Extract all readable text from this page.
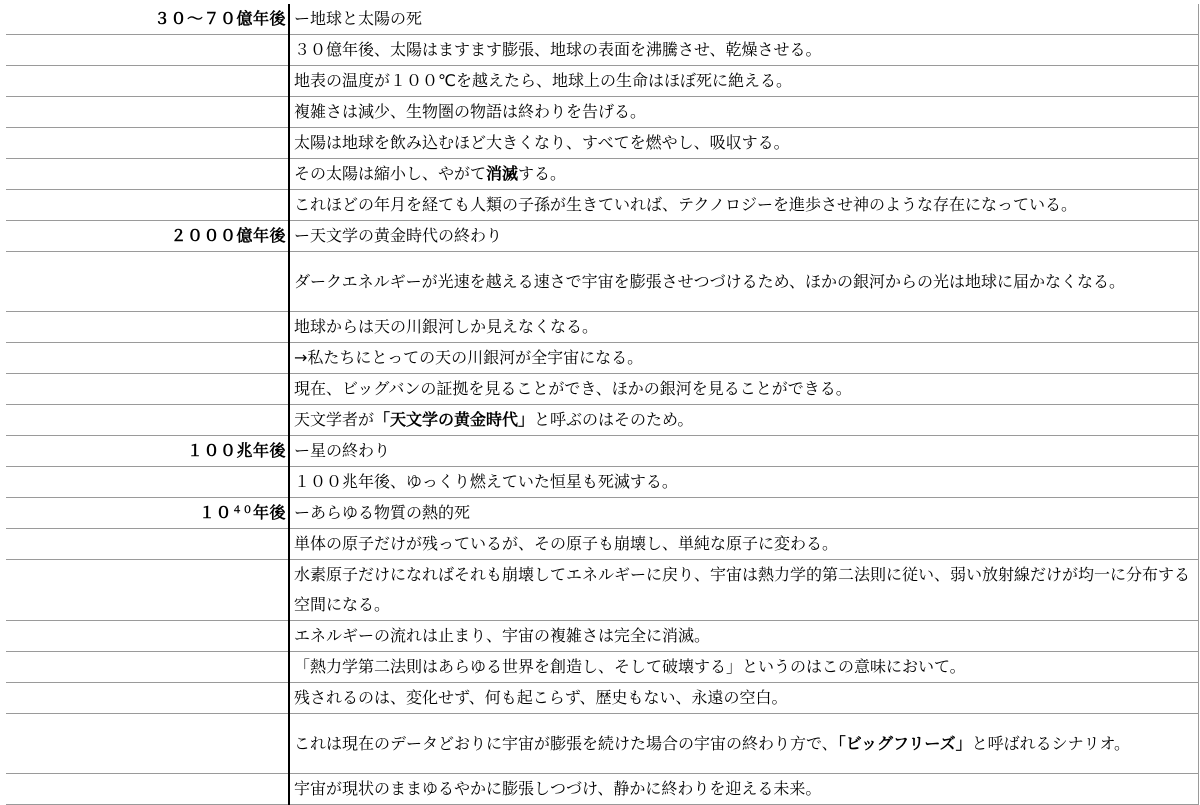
３０～７０億年後	ー地球と太陽の死
	３０億年後、太陽はますます膨張、地球の表面を沸騰させ、乾燥させる。
	地表の温度が１００℃を越えたら、地球上の生命はほぼ死に絶える。
	複雑さは減少、生物圏の物語は終わりを告げる。
	太陽は地球を飲み込むほど大きくなり、すべてを燃やし、吸収する。
	その太陽は縮小し、やがて消滅する。
	これほどの年月を経ても人類の子孫が生きていれば、テクノロジーを進歩させ神のような存在になっている。
２０００億年後	ー天文学の黄金時代の終わり
	ダークエネルギーが光速を越える速さで宇宙を膨張させつづけるため、ほかの銀河からの光は地球に届かなくなる。
	地球からは天の川銀河しか見えなくなる。
	→私たちにとっての天の川銀河が全宇宙になる。
	現在、ビッグバンの証拠を見ることができ、ほかの銀河を見ることができる。
	天文学者が「天文学の黄金時代」と呼ぶのはそのため。
１００兆年後	ー星の終わり
	１００兆年後、ゆっくり燃えていた恒星も死滅する。
$10^{40}$年後	ーあらゆる物質の熱的死
	単体の原子だけが残っているが、その原子も崩壊し、単純な原子に変わる。
	水素原子だけになればそれも崩壊してエネルギーに戻り、宇宙は熱力学的第二法則に従い、弱い放射線だけが均一に分布する空間になる。
	エネルギーの流れは止まり、宇宙の複雑さは完全に消滅。
	「熱力学第二法則はあらゆる世界を創造し、そして破壊する」というのはこの意味において。
	残されるのは、変化せず、何も起こらず、歴史もない、永遠の空白。
	これは現在のデータどおりに宇宙が膨張を続けた場合の宇宙の終わり方で、「ビッグフリーズ」と呼ばれるシナリオ。
	宇宙が現状のままゆるやかに膨張しつづけ、静かに終わりを迎える未来。
